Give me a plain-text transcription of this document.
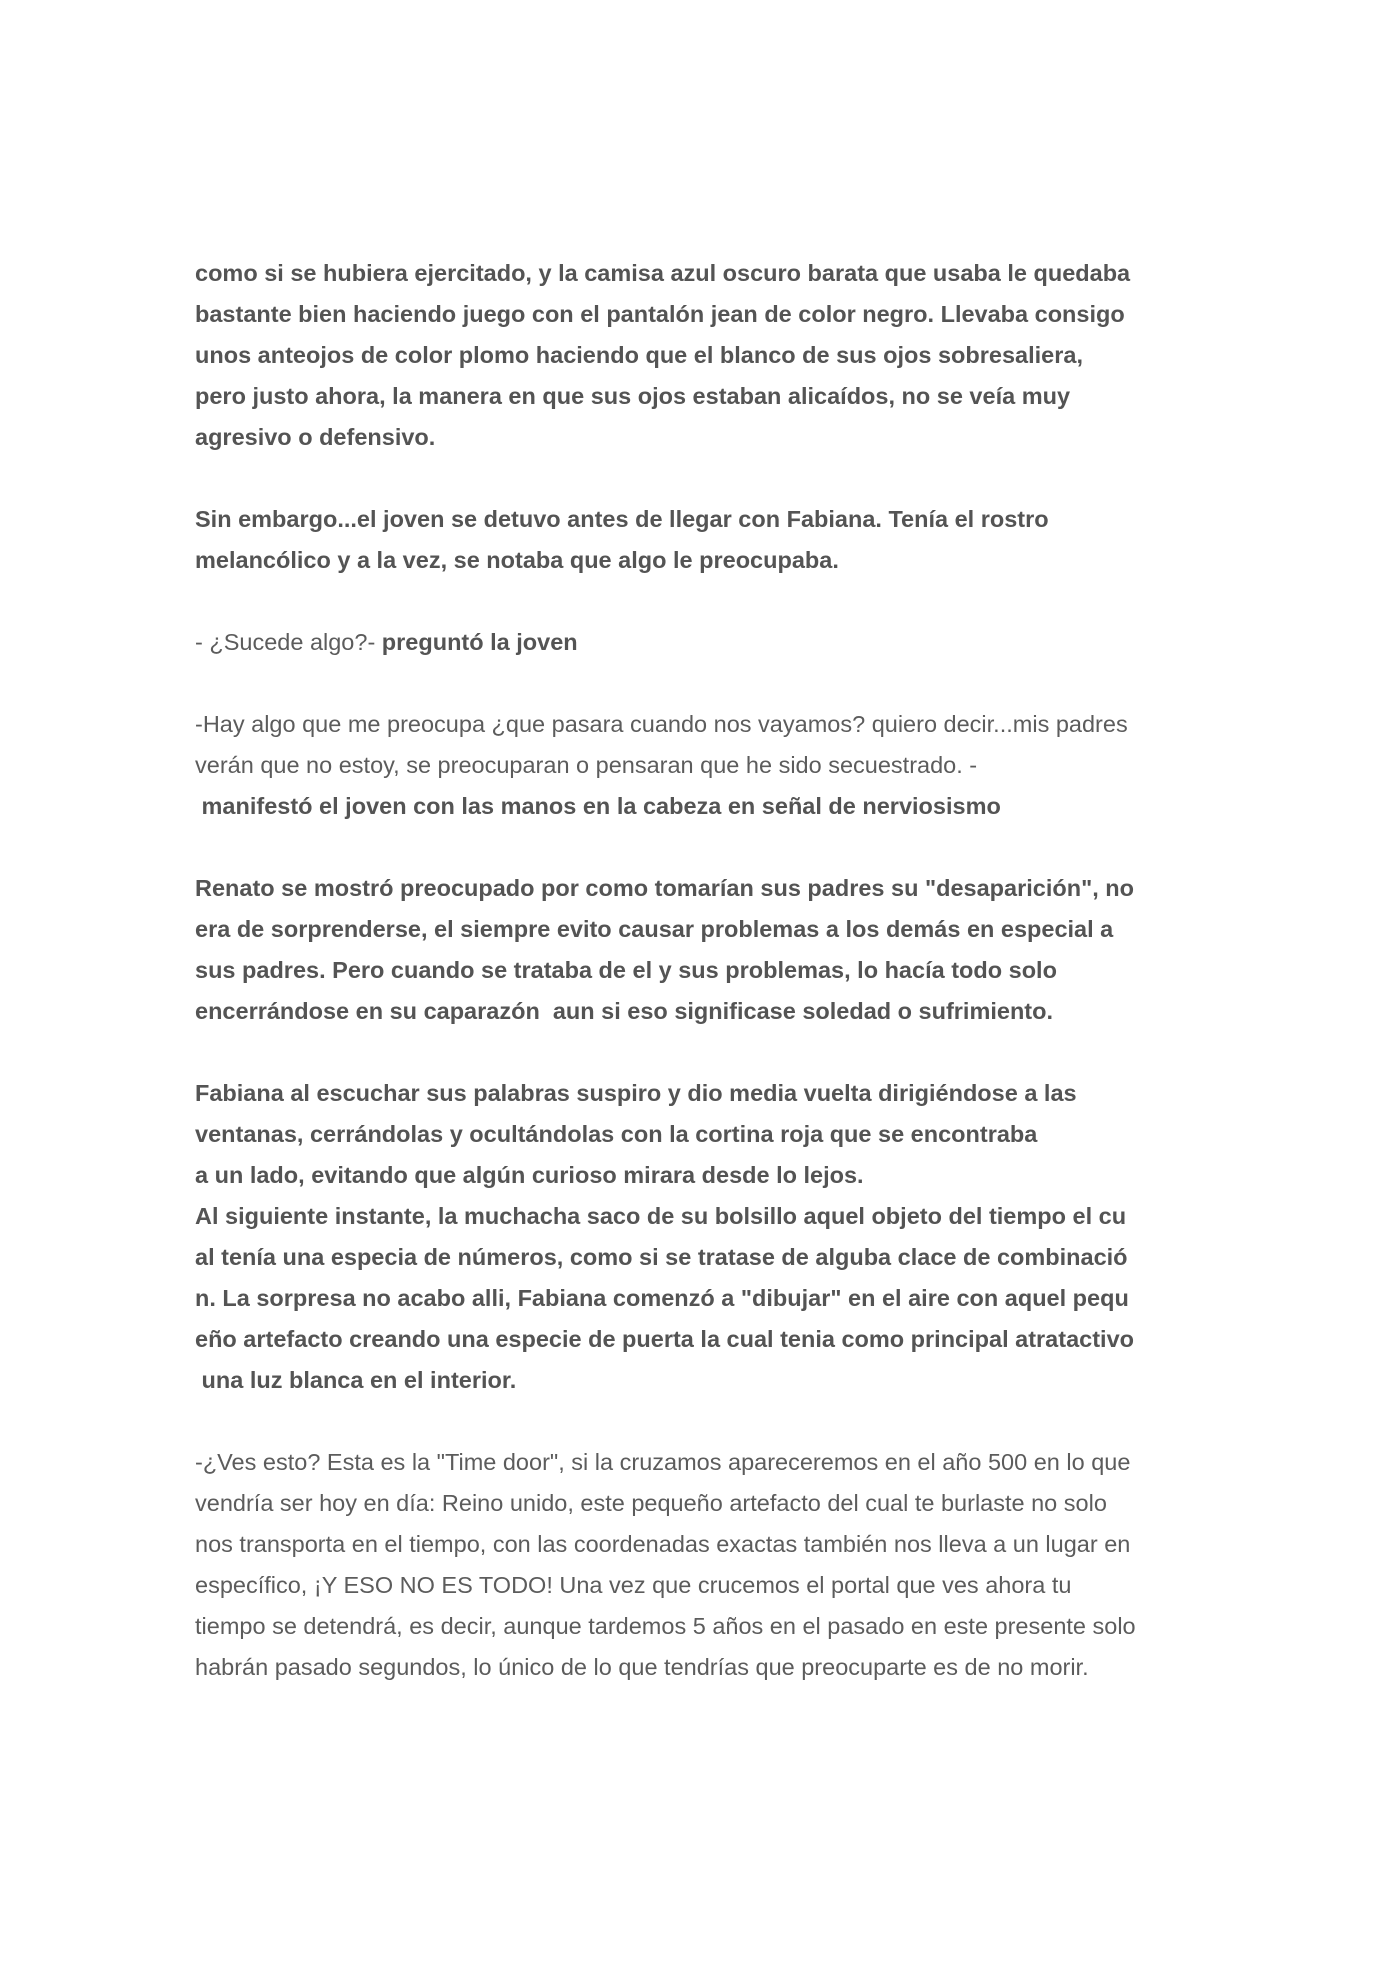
como si se hubiera ejercitado, y la camisa azul oscuro barata que usaba le quedaba
bastante bien haciendo juego con el pantalón jean de color negro. Llevaba consigo
unos anteojos de color plomo haciendo que el blanco de sus ojos sobresaliera,
pero justo ahora, la manera en que sus ojos estaban alicaídos, no se veía muy
agresivo o defensivo.
Sin embargo...el joven se detuvo antes de llegar con Fabiana. Tenía el rostro
melancólico y a la vez, se notaba que algo le preocupaba.
- ¿Sucede algo?- preguntó la joven
-Hay algo que me preocupa ¿que pasara cuando nos vayamos? quiero decir...mis padres
verán que no estoy, se preocuparan o pensaran que he sido secuestrado. -
manifestó el joven con las manos en la cabeza en señal de nerviosismo
Renato se mostró preocupado por como tomarían sus padres su "desaparición", no
era de sorprenderse, el siempre evito causar problemas a los demás en especial a
sus padres. Pero cuando se trataba de el y sus problemas, lo hacía todo solo
encerrándose en su caparazón  aun si eso significase soledad o sufrimiento.
Fabiana al escuchar sus palabras suspiro y dio media vuelta dirigiéndose a las
ventanas, cerrándolas y ocultándolas con la cortina roja que se encontraba
a un lado, evitando que algún curioso mirara desde lo lejos.
Al siguiente instante, la muchacha saco de su bolsillo aquel objeto del tiempo el cu
al tenía una especia de números, como si se tratase de alguba clace de combinació
n. La sorpresa no acabo alli, Fabiana comenzó a "dibujar" en el aire con aquel pequ
eño artefacto creando una especie de puerta la cual tenia como principal atratactivo
una luz blanca en el interior.
-¿Ves esto? Esta es la "Time door", si la cruzamos apareceremos en el año 500 en lo que
vendría ser hoy en día: Reino unido, este pequeño artefacto del cual te burlaste no solo
nos transporta en el tiempo, con las coordenadas exactas también nos lleva a un lugar en
específico, ¡Y ESO NO ES TODO! Una vez que crucemos el portal que ves ahora tu
tiempo se detendrá, es decir, aunque tardemos 5 años en el pasado en este presente solo
habrán pasado segundos, lo único de lo que tendrías que preocuparte es de no morir.
